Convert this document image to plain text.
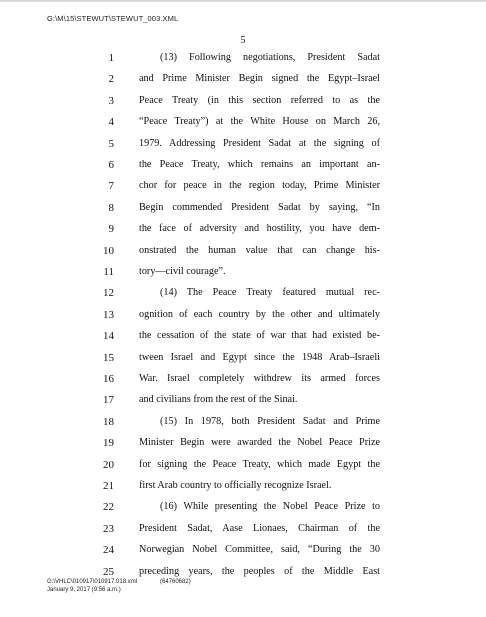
G:\M\15\STEWUT\STEWUT_003.XML
5
1	(13) Following negotiations, President Sadat
2 and Prime Minister Begin signed the Egypt–Israel
3 Peace Treaty (in this section referred to as the
4 “Peace Treaty”) at the White House on March 26,
5 1979. Addressing President Sadat at the signing of
6 the Peace Treaty, which remains an important an-
7 chor for peace in the region today, Prime Minister
8 Begin commended President Sadat by saying, “In
9 the face of adversity and hostility, you have dem-
10 onstrated the human value that can change his-
11 tory—civil courage”.
12	(14) The Peace Treaty featured mutual rec-
13 ognition of each country by the other and ultimately
14 the cessation of the state of war that had existed be-
15 tween Israel and Egypt since the 1948 Arab–Israeli
16 War. Israel completely withdrew its armed forces
17 and civilians from the rest of the Sinai.
18	(15) In 1978, both President Sadat and Prime
19 Minister Begin were awarded the Nobel Peace Prize
20 for signing the Peace Treaty, which made Egypt the
21 first Arab country to officially recognize Israel.
22	(16) While presenting the Nobel Peace Prize to
23 President Sadat, Aase Lionaes, Chairman of the
24 Norwegian Nobel Committee, said, “During the 30
25 preceding years, the peoples of the Middle East
G:\VHLC\010917\010917.018.xml
January 9, 2017 (9:56 a.m.)
(64760682)
